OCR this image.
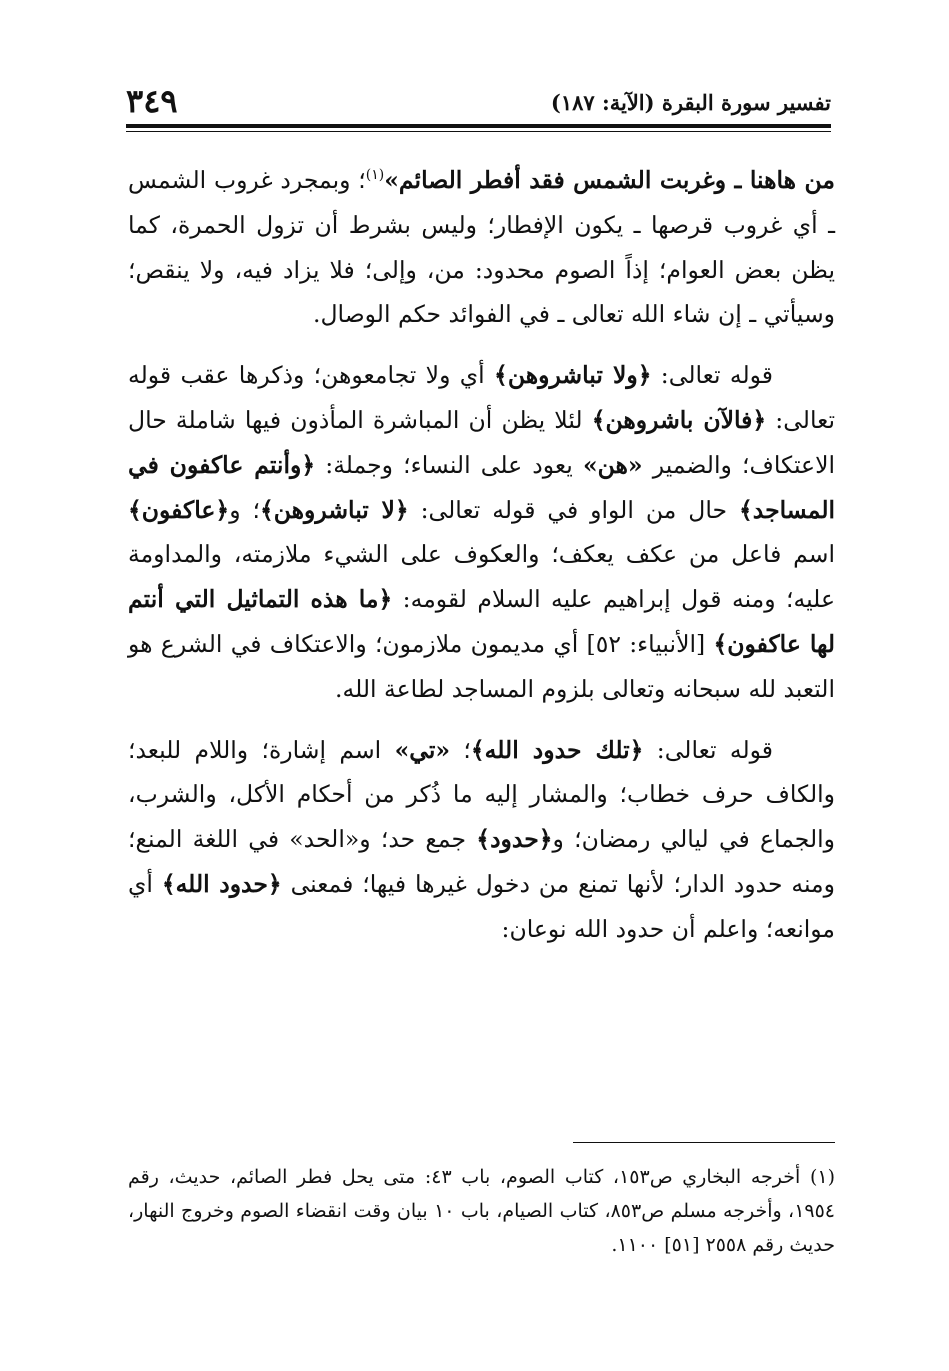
تفسير سورة البقرة (الآية: ١٨٧)
٣٤٩

من هاهنا ـ وغربت الشمس فقد أفطر الصائم»$^{(١)}$؛ وبمجرد غروب الشمس ـ أي غروب قرصها ـ يكون الإفطار؛ وليس بشرط أن تزول الحمرة، كما يظن بعض العوام؛ إذاً الصوم محدود: من، وإلى؛ فلا يزاد فيه، ولا ينقص؛ وسيأتي ـ إن شاء الله تعالى ـ في الفوائد حكم الوصال.

قوله تعالى: ﴿ولا تباشروهن﴾ أي ولا تجامعوهن؛ وذكرها عقب قوله تعالى: ﴿فالآن باشروهن﴾ لئلا يظن أن المباشرة المأذون فيها شاملة حال الاعتكاف؛ والضمير «هن» يعود على النساء؛ وجملة: ﴿وأنتم عاكفون في المساجد﴾ حال من الواو في قوله تعالى: ﴿لا تباشروهن﴾؛ و﴿عاكفون﴾ اسم فاعل من عكف يعكف؛ والعكوف على الشيء ملازمته، والمداومة عليه؛ ومنه قول إبراهيم عليه السلام لقومه: ﴿ما هذه التماثيل التي أنتم لها عاكفون﴾ [الأنبياء: ٥٢] أي مديمون ملازمون؛ والاعتكاف في الشرع هو التعبد لله سبحانه وتعالى بلزوم المساجد لطاعة الله.

قوله تعالى: ﴿تلك حدود الله﴾؛ «تي» اسم إشارة؛ واللام للبعد؛ والكاف حرف خطاب؛ والمشار إليه ما ذُكر من أحكام الأكل، والشرب، والجماع في ليالي رمضان؛ و﴿حدود﴾ جمع حد؛ و«الحد» في اللغة المنع؛ ومنه حدود الدار؛ لأنها تمنع من دخول غيرها فيها؛ فمعنى ﴿حدود الله﴾ أي موانعه؛ واعلم أن حدود الله نوعان:

(١) أخرجه البخاري ص١٥٣، كتاب الصوم، باب ٤٣: متى يحل فطر الصائم، حديث، رقم ١٩٥٤، وأخرجه مسلم ص٨٥٣، كتاب الصيام، باب ١٠ بيان وقت انقضاء الصوم وخروج النهار، حديث رقم ٢٥٥٨ [٥١] ١١٠٠.
